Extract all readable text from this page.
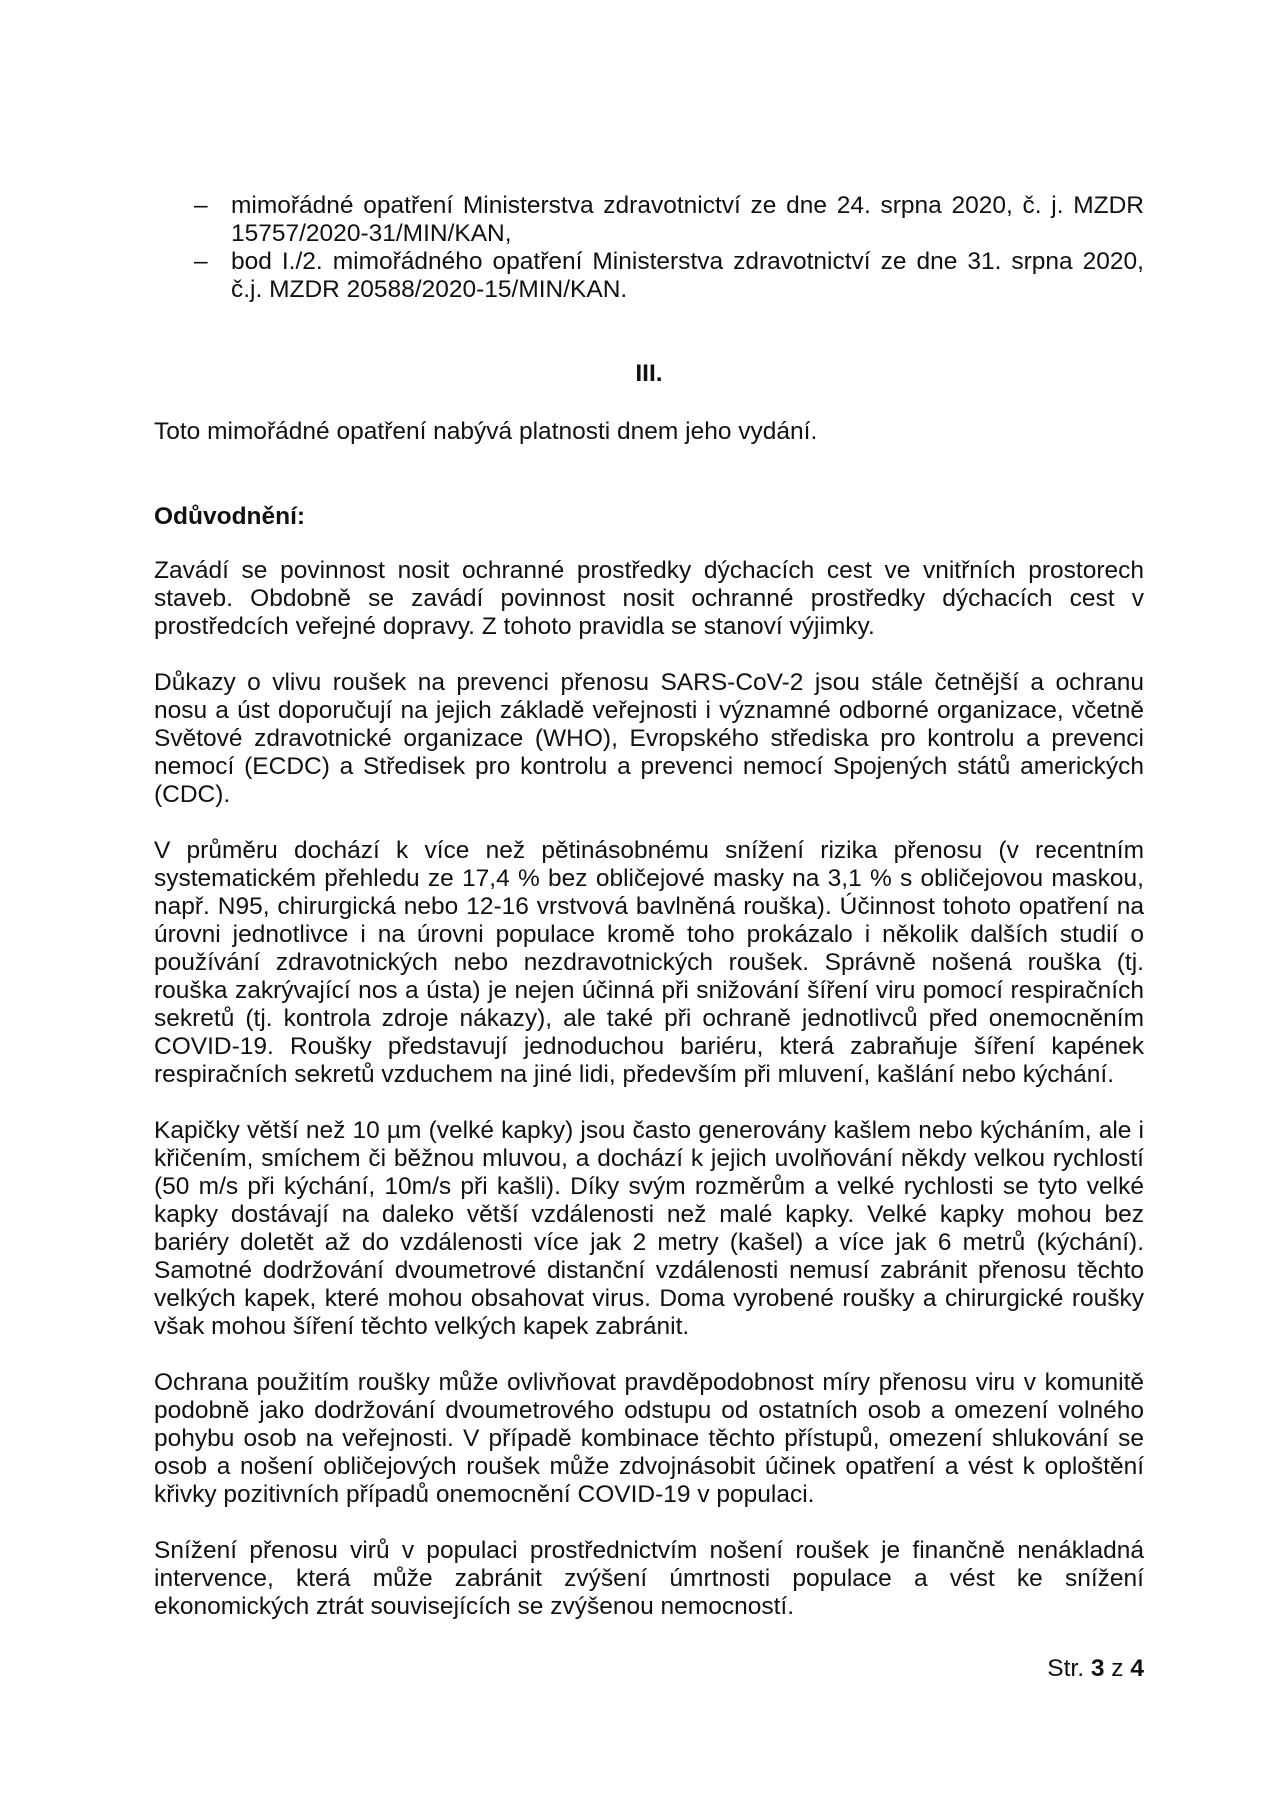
– mimořádné opatření Ministerstva zdravotnictví ze dne 24. srpna 2020, č. j. MZDR 15757/2020-31/MIN/KAN,
– bod I./2. mimořádného opatření Ministerstva zdravotnictví ze dne 31. srpna 2020, č.j. MZDR 20588/2020-15/MIN/KAN.
III.
Toto mimořádné opatření nabývá platnosti dnem jeho vydání.
Odůvodnění:
Zavádí se povinnost nosit ochranné prostředky dýchacích cest ve vnitřních prostorech staveb. Obdobně se zavádí povinnost nosit ochranné prostředky dýchacích cest v prostředcích veřejné dopravy. Z tohoto pravidla se stanoví výjimky.
Důkazy o vlivu roušek na prevenci přenosu SARS-CoV-2 jsou stále četnější a ochranu nosu a úst doporučují na jejich základě veřejnosti i významné odborné organizace, včetně Světové zdravotnické organizace (WHO), Evropského střediska pro kontrolu a prevenci nemocí (ECDC) a Středisek pro kontrolu a prevenci nemocí Spojených států amerických (CDC).
V průměru dochází k více než pětinásobnému snížení rizika přenosu (v recentním systematickém přehledu ze 17,4 % bez obličejové masky na 3,1 % s obličejovou maskou, např. N95, chirurgická nebo 12-16 vrstvová bavlněná rouška). Účinnost tohoto opatření na úrovni jednotlivce i na úrovni populace kromě toho prokázalo i několik dalších studií o používání zdravotnických nebo nezdravotnických roušek. Správně nošená rouška (tj. rouška zakrývající nos a ústa) je nejen účinná při snižování šíření viru pomocí respiračních sekretů (tj. kontrola zdroje nákazy), ale také při ochraně jednotlivců před onemocněním COVID-19. Roušky představují jednoduchou bariéru, která zabraňuje šíření kapének respiračních sekretů vzduchem na jiné lidi, především při mluvení, kašlání nebo kýchání.
Kapičky větší než 10 µm (velké kapky) jsou často generovány kašlem nebo kýcháním, ale i křičením, smíchem či běžnou mluvou, a dochází k jejich uvolňování někdy velkou rychlostí (50 m/s při kýchání, 10m/s při kašli). Díky svým rozměrům a velké rychlosti se tyto velké kapky dostávají na daleko větší vzdálenosti než malé kapky. Velké kapky mohou bez bariéry doletět až do vzdálenosti více jak 2 metry (kašel) a více jak 6 metrů (kýchání). Samotné dodržování dvoumetrové distanční vzdálenosti nemusí zabránit přenosu těchto velkých kapek, které mohou obsahovat virus. Doma vyrobené roušky a chirurgické roušky však mohou šíření těchto velkých kapek zabránit.
Ochrana použitím roušky může ovlivňovat pravděpodobnost míry přenosu viru v komunitě podobně jako dodržování dvoumetrového odstupu od ostatních osob a omezení volného pohybu osob na veřejnosti. V případě kombinace těchto přístupů, omezení shlukování se osob a nošení obličejových roušek může zdvojnásobit účinek opatření a vést k oploštění křivky pozitivních případů onemocnění COVID-19 v populaci.
Snížení přenosu virů v populaci prostřednictvím nošení roušek je finančně nenákladná intervence, která může zabránit zvýšení úmrtnosti populace a vést ke snížení ekonomických ztrát souvisejících se zvýšenou nemocností.
Str. 3 z 4
